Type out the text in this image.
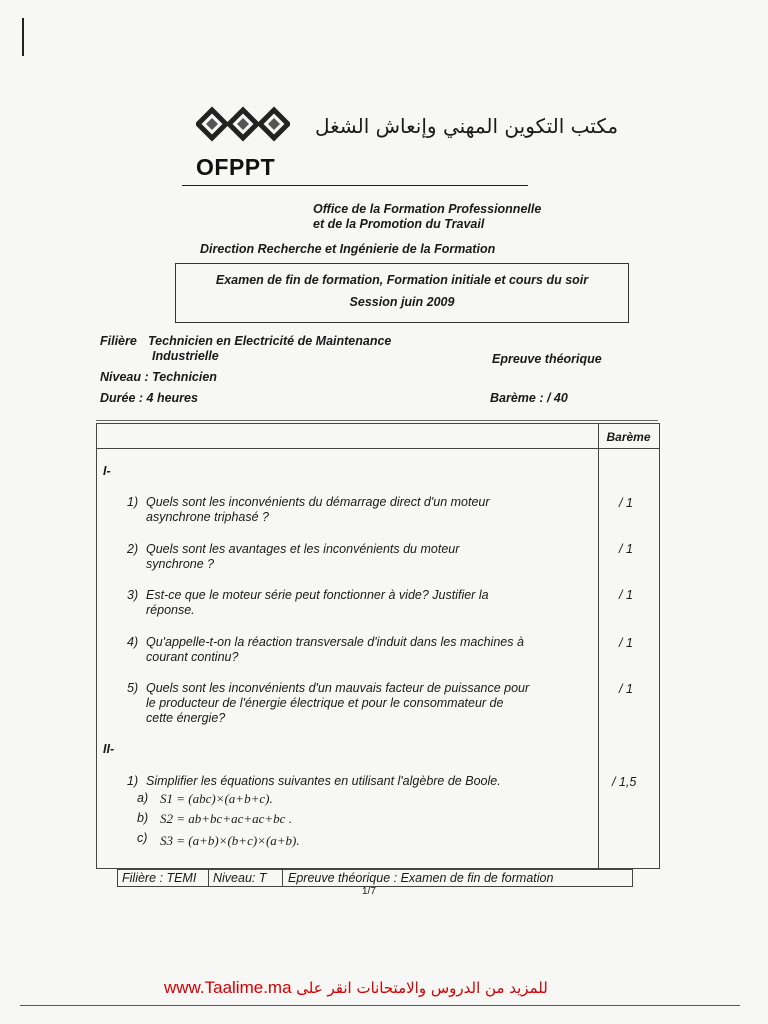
OFPPT
مكتب التكوين المهني وإنعاش الشغل
Office de la Formation Professionnelle
et de la Promotion du Travail
Direction Recherche et Ingénierie de la Formation
Examen de fin de formation, Formation initiale et cours du soir
Session juin 2009
Filière Technicien en Electricité de Maintenance
Industrielle	Epreuve théorique
Niveau : Technicien
Durée : 4 heures	Barème : / 40
Barème
I-
1) Quels sont les inconvénients du démarrage direct d'un moteur
asynchrone triphasé ?
/ 1
2) Quels sont les avantages et les inconvénients du moteur
synchrone ?
/ 1
3) Est-ce que le moteur série peut fonctionner à vide? Justifier la
réponse.
/ 1
4) Qu'appelle-t-on la réaction transversale d'induit dans les machines à
courant continu?
/ 1
5) Quels sont les inconvénients d'un mauvais facteur de puissance pour
le producteur de l'énergie électrique et pour le consommateur de
cette énergie?
/ 1
II-
1) Simplifier les équations suivantes en utilisant l'algèbre de Boole.	/ 1,5
a) S1 = (abc)×(a+b+c).
b) S2 = ab+bc+ac+ac+bc .
c) S3 = (a+b)×(b+c)×(a+b).
Filière : TEMI Niveau: T Epreuve théorique : Examen de fin de formation
1/7
www.Taalime.ma للمزيد من الدروس والامتحانات انقر على
